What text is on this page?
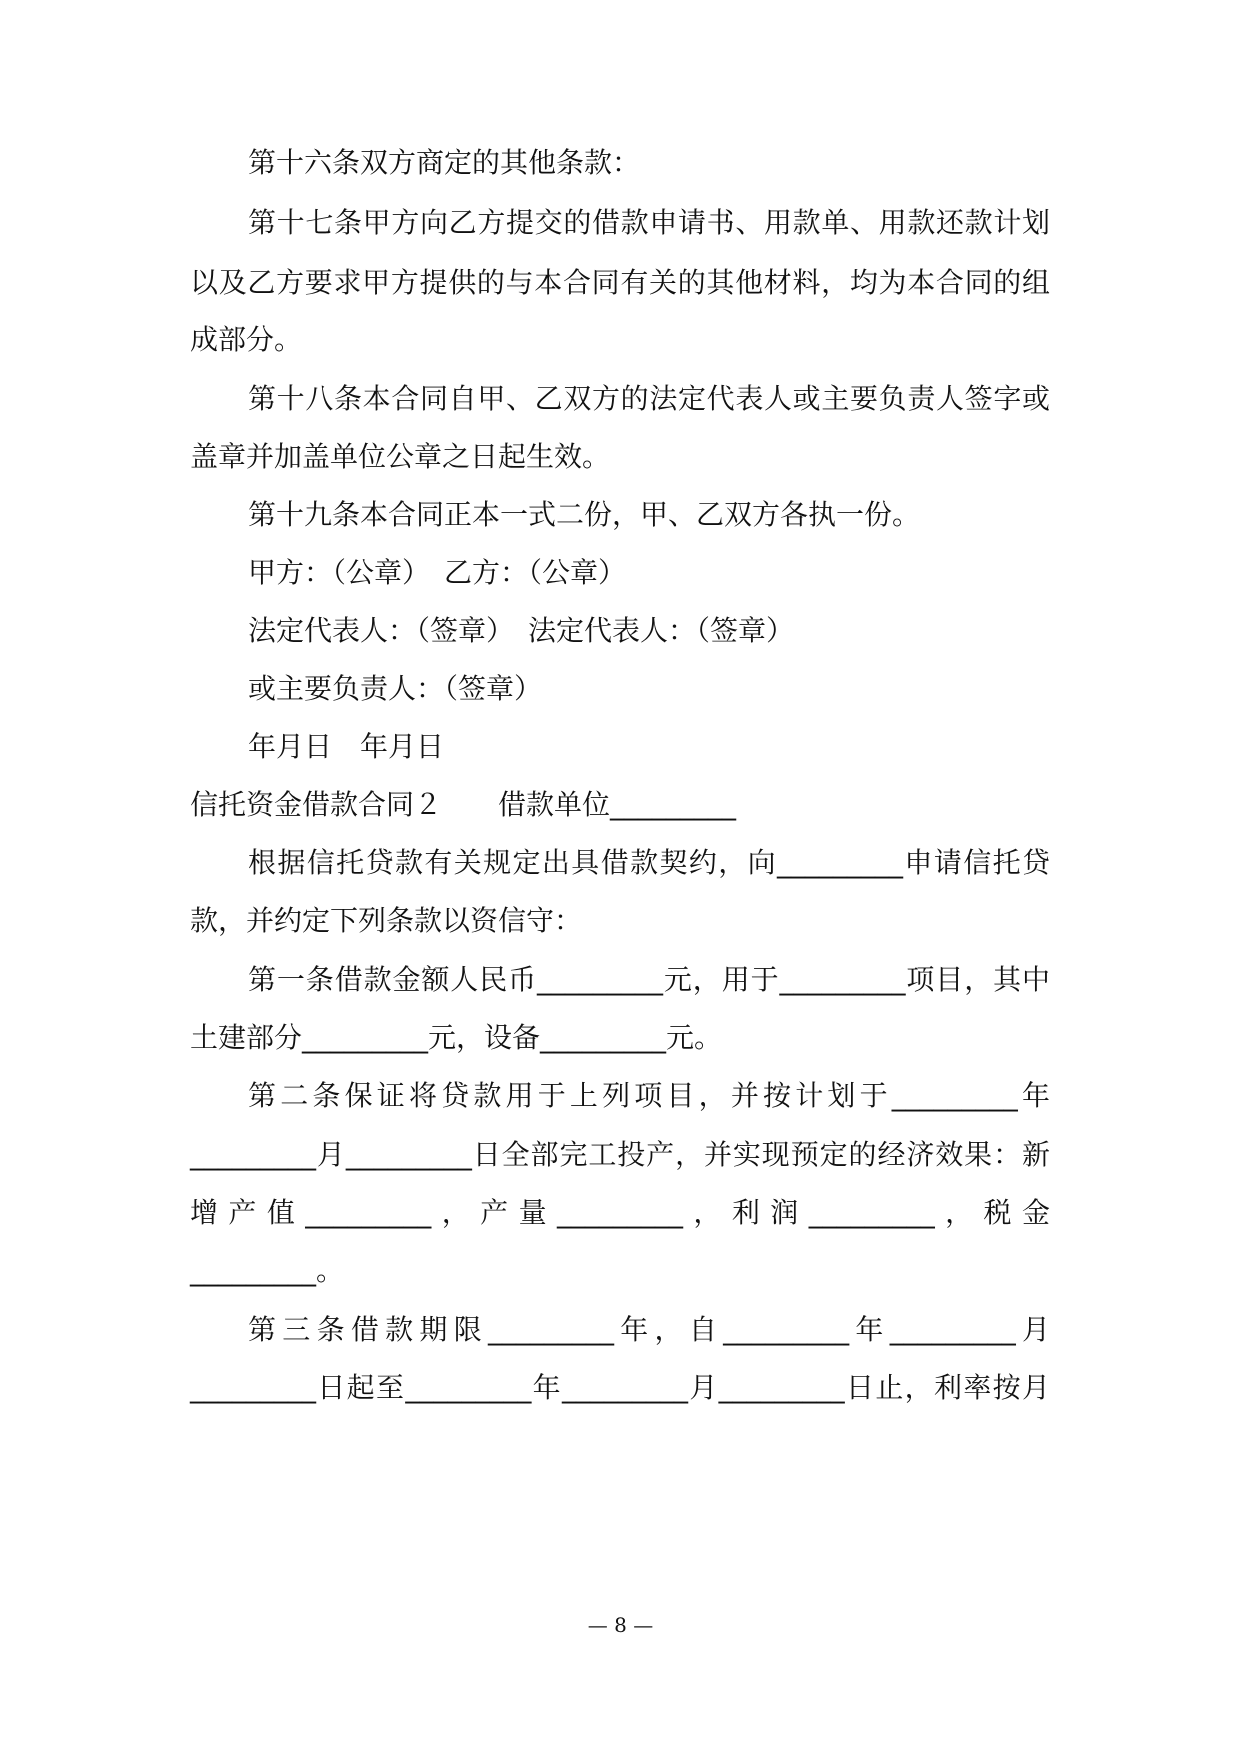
第十六条双方商定的其他条款：
第十七条甲方向乙方提交的借款申请书、用款单、用款还款计划
以及乙方要求甲方提供的与本合同有关的其他材料，均为本合同的组
成部分。
第十八条本合同自甲、乙双方的法定代表人或主要负责人签字或
盖章并加盖单位公章之日起生效。
第十九条本合同正本一式二份，甲、乙双方各执一份。
甲方：（公章）　乙方：（公章）
法定代表人：（签章）　法定代表人：（签章）
或主要负责人：（签章）
年月日　年月日
信托资金借款合同２　　借款单位_________
根据信托贷款有关规定出具借款契约，向_________申请信托贷
款，并约定下列条款以资信守：
第一条借款金额人民币_________元，用于_________项目，其中
土建部分_________元，设备_________元。
第二条保证将贷款用于上列项目，并按计划于_________年
_________月_________日全部完工投产，并实现预定的经济效果：新
增产值_________，产量_________，利润_________，税金
_________。
第三条借款期限_________年，自_________年_________月
_________日起至_________年_________月_________日止，利率按月
— 8 —
